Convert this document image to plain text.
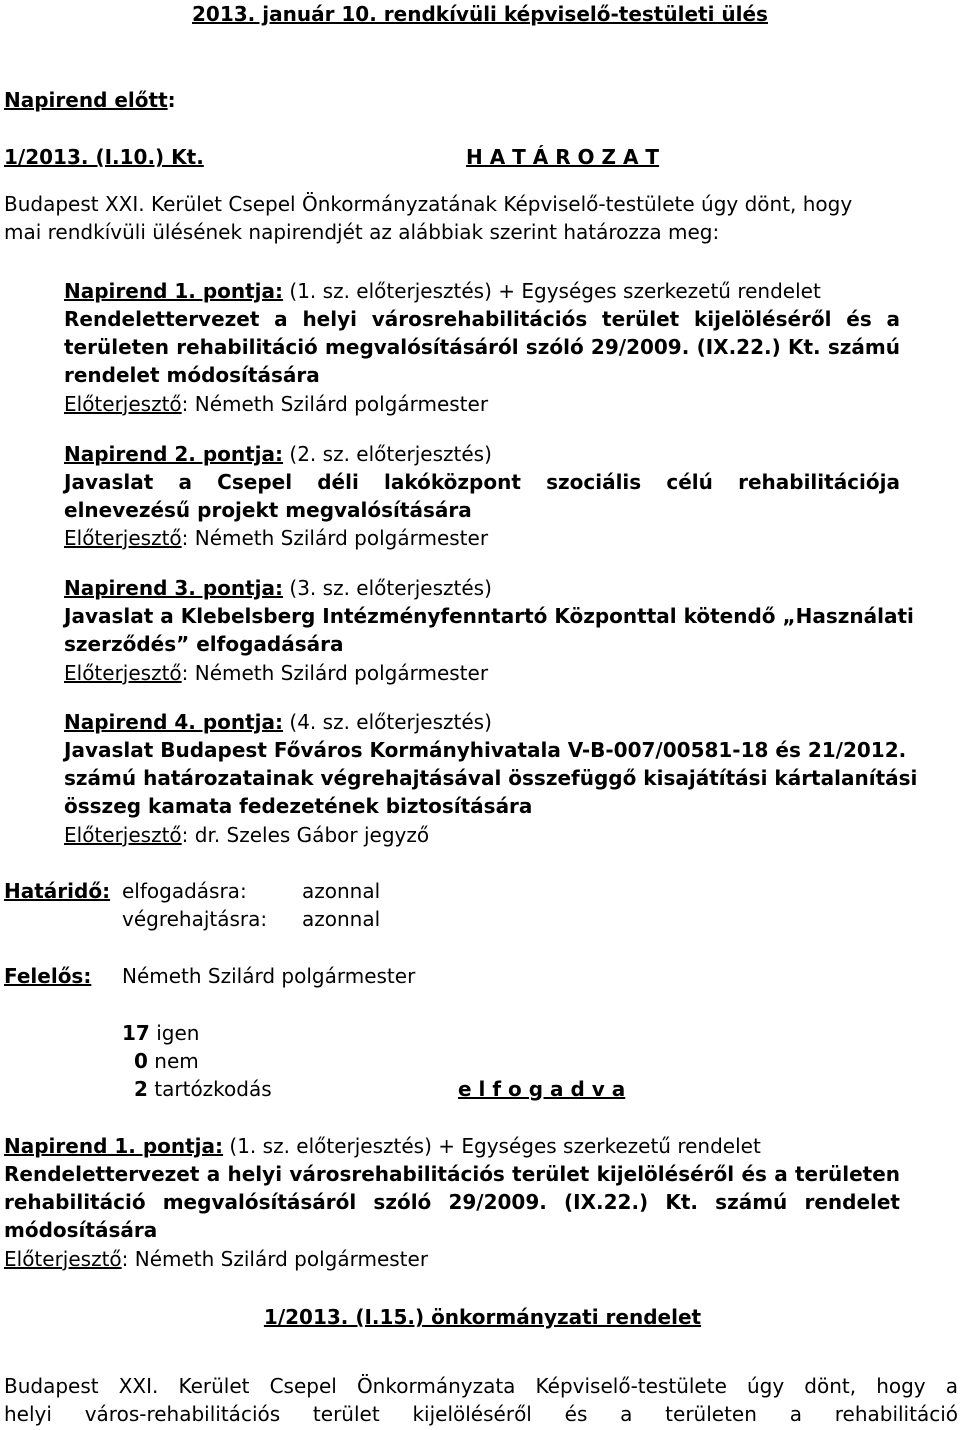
2013. január 10. rendkívüli képviselő-testületi ülés
Napirend előtt:
1/2013. (I.10.) Kt.	H A T Á R O Z A T
Budapest XXI. Kerület Csepel Önkormányzatának Képviselő-testülete úgy dönt, hogy
mai rendkívüli ülésének napirendjét az alábbiak szerint határozza meg:
Napirend 1. pontja: (1. sz. előterjesztés) + Egységes szerkezetű rendelet
Rendelettervezet a helyi városrehabilitációs terület kijelöléséről és a
területen rehabilitáció megvalósításáról szóló 29/2009. (IX.22.) Kt. számú
rendelet módosítására
Előterjesztő: Németh Szilárd polgármester
Napirend 2. pontja: (2. sz. előterjesztés)
Javaslat a Csepel déli lakóközpont szociális célú rehabilitációja
elnevezésű projekt megvalósítására
Előterjesztő: Németh Szilárd polgármester
Napirend 3. pontja: (3. sz. előterjesztés)
Javaslat a Klebelsberg Intézményfenntartó Központtal kötendő „Használati
szerződés” elfogadására
Előterjesztő: Németh Szilárd polgármester
Napirend 4. pontja: (4. sz. előterjesztés)
Javaslat Budapest Főváros Kormányhivatala V-B-007/00581-18 és 21/2012.
számú határozatainak végrehajtásával összefüggő kisajátítási kártalanítási
összeg kamata fedezetének biztosítására
Előterjesztő: dr. Szeles Gábor jegyző
Határidő: elfogadásra:	azonnal
végrehajtásra: azonnal
Felelős: Németh Szilárd polgármester
17 igen
0 nem
2 tartózkodás	e l f o g a d v a
Napirend 1. pontja: (1. sz. előterjesztés) + Egységes szerkezetű rendelet
Rendelettervezet a helyi városrehabilitációs terület kijelöléséről és a területen
rehabilitáció megvalósításáról szóló 29/2009. (IX.22.) Kt. számú rendelet
módosítására
Előterjesztő: Németh Szilárd polgármester
1/2013. (I.15.) önkormányzati rendelet
Budapest XXI. Kerület Csepel Önkormányzata Képviselő-testülete úgy dönt, hogy a
helyi város-rehabilitációs terület kijelöléséről és a területen a rehabilitáció
